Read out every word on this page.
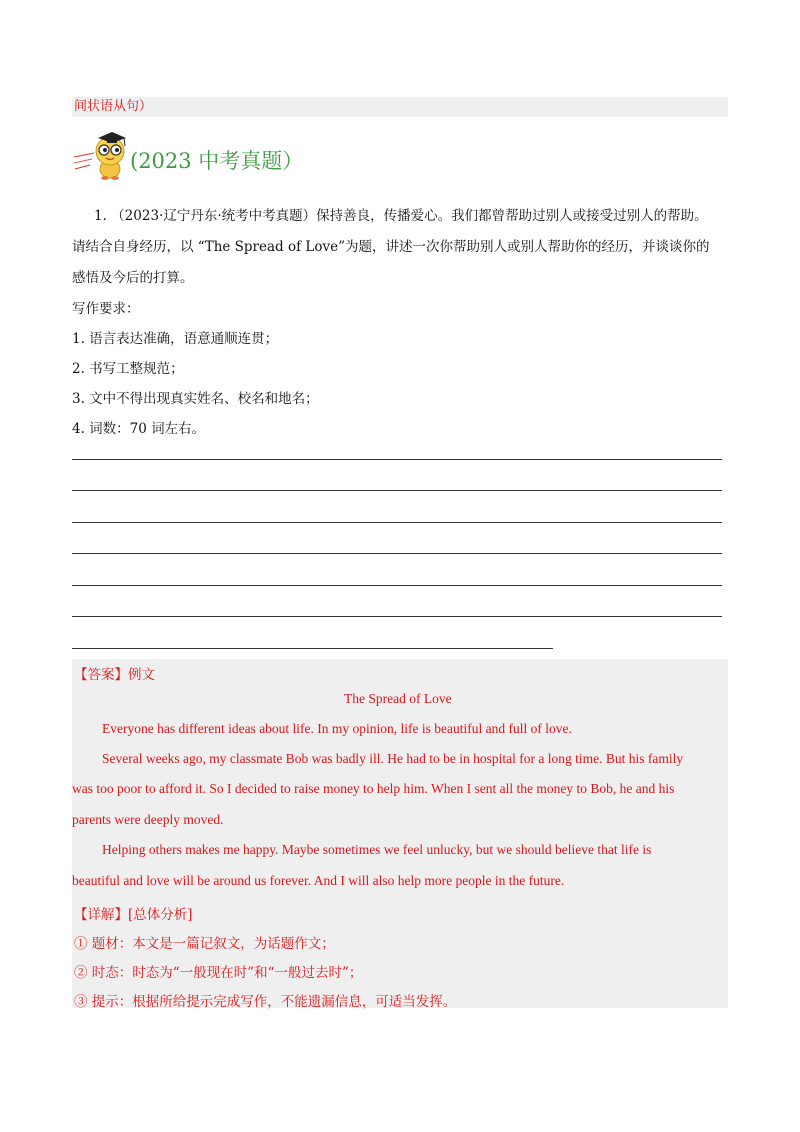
间状语从句）
(2023 中考真题）
1. （2023·辽宁丹东·统考中考真题）保持善良，传播爱心。我们都曾帮助过别人或接受过别人的帮助。
请结合自身经历，以 “The Spread of Love”为题，讲述一次你帮助别人或别人帮助你的经历，并谈谈你的
感悟及今后的打算。
写作要求：
1. 语言表达准确，语意通顺连贯；
2. 书写工整规范；
3. 文中不得出现真实姓名、校名和地名；
4. 词数：70 词左右。
【答案】例文
The Spread of Love
Everyone has different ideas about life. In my opinion, life is beautiful and full of love.
Several weeks ago, my classmate Bob was badly ill. He had to be in hospital for a long time. But his family
was too poor to afford it. So I decided to raise money to help him. When I sent all the money to Bob, he and his
parents were deeply moved.
Helping others makes me happy. Maybe sometimes we feel unlucky, but we should believe that life is
beautiful and love will be around us forever. And I will also help more people in the future.
【详解】[总体分析]
① 题材：本文是一篇记叙文，为话题作文；
② 时态：时态为“一般现在时”和“一般过去时”；
③ 提示：根据所给提示完成写作，不能遗漏信息，可适当发挥。
